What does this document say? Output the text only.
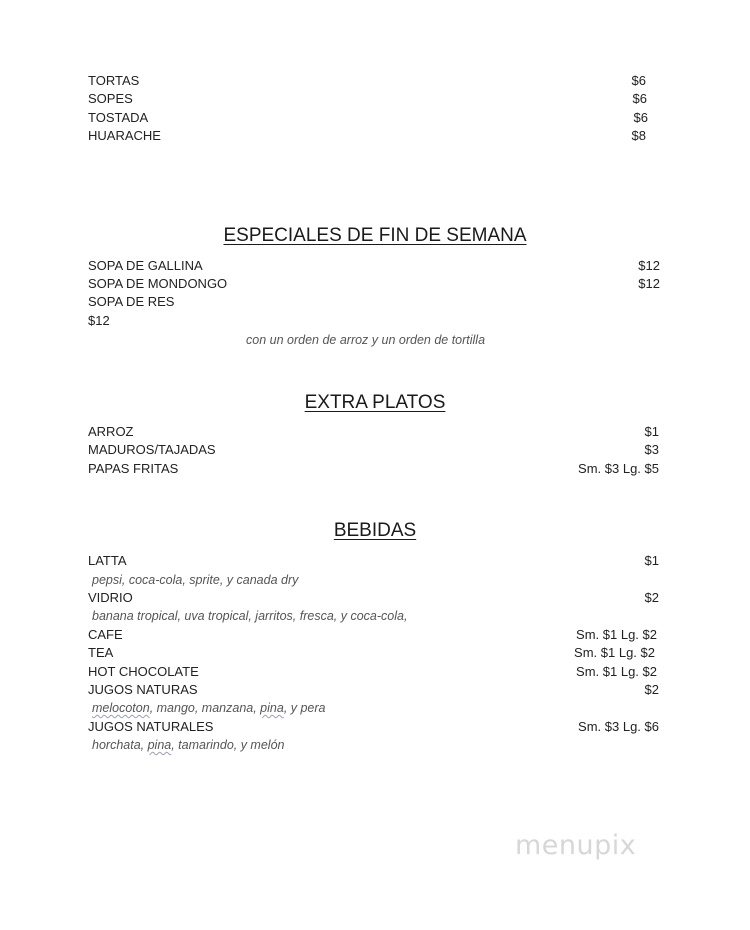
TORTAS	$6
SOPES	$6
TOSTADA	$6
HUARACHE	$8
ESPECIALES DE FIN DE SEMANA
SOPA DE GALLINA	$12
SOPA DE MONDONGO	$12
SOPA DE RES
$12
con un orden de arroz y un orden de tortilla
EXTRA PLATOS
ARROZ	$1
MADUROS/TAJADAS	$3
PAPAS FRITAS	Sm. $3 Lg. $5
BEBIDAS
LATTA	$1
pepsi, coca-cola, sprite, y canada dry
VIDRIO	$2
banana tropical, uva tropical, jarritos, fresca, y coca-cola,
CAFE	Sm. $1 Lg. $2
TEA	Sm. $1 Lg. $2
HOT CHOCOLATE	Sm. $1 Lg. $2
JUGOS NATURAS	$2
melocoton, mango, manzana, pina, y pera
JUGOS NATURALES	Sm. $3 Lg. $6
horchata, pina, tamarindo, y melón
menupix
